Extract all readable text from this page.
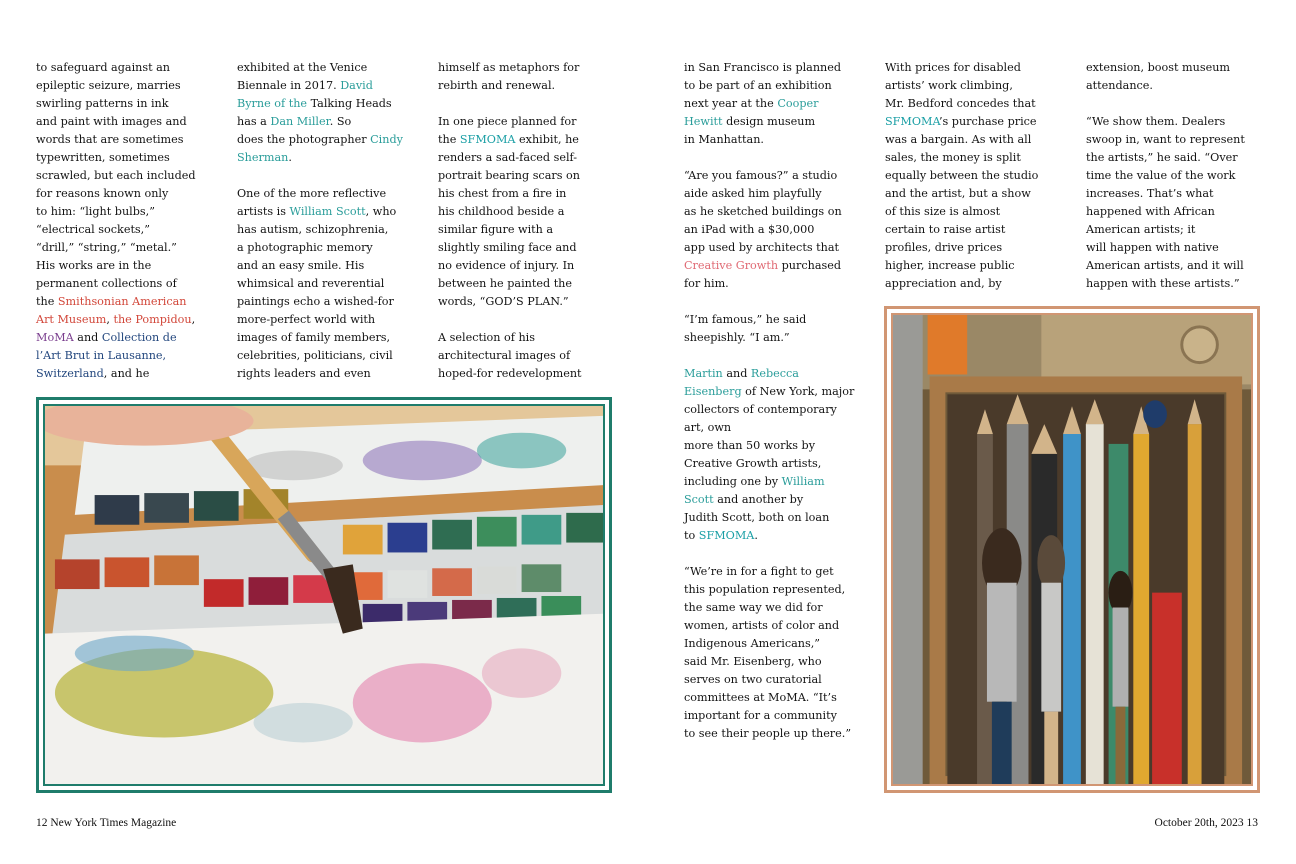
to safeguard against an
epileptic seizure, marries
swirling patterns in ink
and paint with images and
words that are sometimes
typewritten, sometimes
scrawled, but each included
for reasons known only
to him: “light bulbs,”
“electrical sockets,”
“drill,” “string,” “metal.”
His works are in the
permanent collections of
the Smithsonian American
Art Museum, the Pompidou,
MoMA and Collection de
l’Art Brut in Lausanne,
Switzerland, and he

exhibited at the Venice
Biennale in 2017. David
Byrne of the Talking Heads
has a Dan Miller. So
does the photographer Cindy
Sherman.

One of the more reflective
artists is William Scott, who
has autism, schizophrenia,
a photographic memory
and an easy smile. His
whimsical and reverential
paintings echo a wished-for
more-perfect world with
images of family members,
celebrities, politicians, civil
rights leaders and even

himself as metaphors for
rebirth and renewal.

In one piece planned for
the SFMOMA exhibit, he
renders a sad-faced self-
portrait bearing scars on
his chest from a fire in
his childhood beside a
similar figure with a
slightly smiling face and
no evidence of injury. In
between he painted the
words, “GOD’S PLAN.”

A selection of his
architectural images of
hoped-for redevelopment

in San Francisco is planned
to be part of an exhibition
next year at the Cooper
Hewitt design museum
in Manhattan.

“Are you famous?” a studio
aide asked him playfully
as he sketched buildings on
an iPad with a $30,000
app used by architects that
Creative Growth purchased
for him.

“I’m famous,” he said
sheepishly. “I am.”

Martin and Rebecca
Eisenberg of New York, major
collectors of contemporary
art, own
more than 50 works by
Creative Growth artists,
including one by William
Scott and another by
Judith Scott, both on loan
to SFMOMA.

“We’re in for a fight to get
this population represented,
the same way we did for
women, artists of color and
Indigenous Americans,”
said Mr. Eisenberg, who
serves on two curatorial
committees at MoMA. “It’s
important for a community
to see their people up there.”

With prices for disabled
artists’ work climbing,
Mr. Bedford concedes that
SFMOMA’s purchase price
was a bargain. As with all
sales, the money is split
equally between the studio
and the artist, but a show
of this size is almost
certain to raise artist
profiles, drive prices
higher, increase public
appreciation and, by

extension, boost museum
attendance.

“We show them. Dealers
swoop in, want to represent
the artists,” he said. “Over
time the value of the work
increases. That’s what
happened with African
American artists; it
will happen with native
American artists, and it will
happen with these artists.”

12 New York Times Magazine	October 20th, 2023 13
